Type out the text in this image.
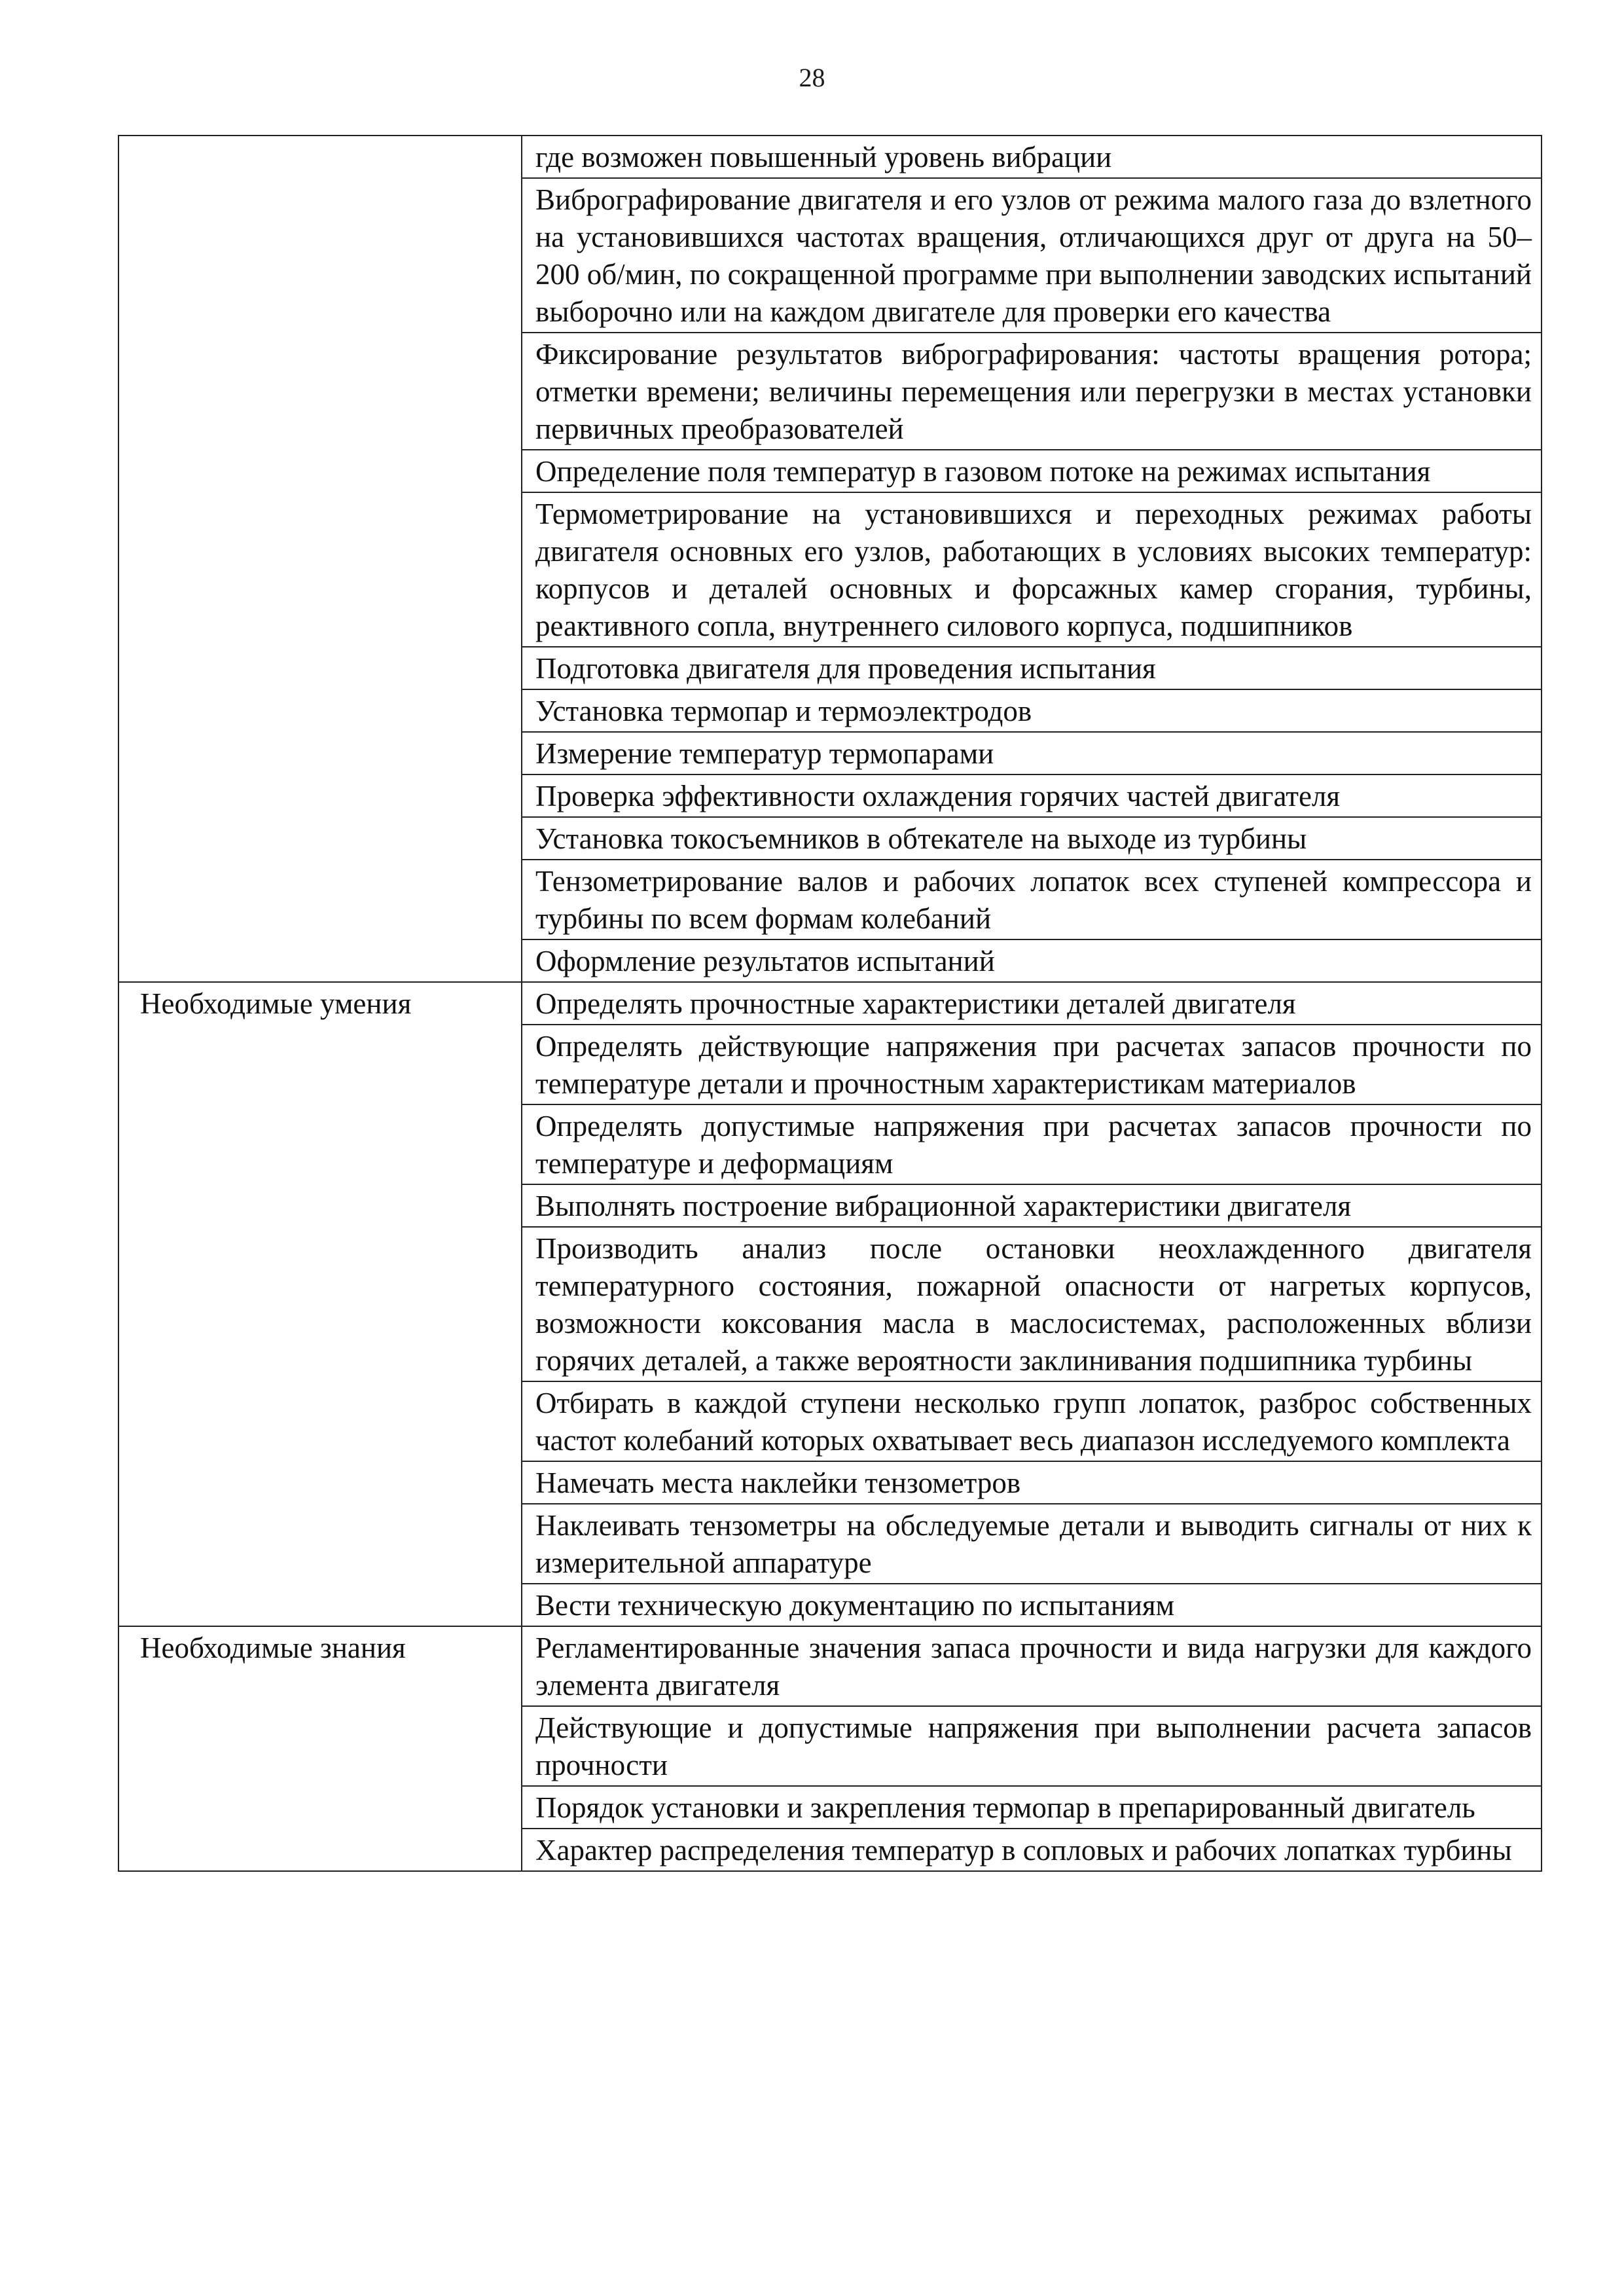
28
	где возможен повышенный уровень вибрации
	Вибрографирование двигателя и его узлов от режима малого газа до взлетного на установившихся частотах вращения, отличающихся друг от друга на 50–200 об/мин, по сокращенной программе при выполнении заводских испытаний выборочно или на каждом двигателе для проверки его качества
	Фиксирование результатов вибрографирования: частоты вращения ротора; отметки времени; величины перемещения или перегрузки в местах установки первичных преобразователей
	Определение поля температур в газовом потоке на режимах испытания
	Термометрирование на установившихся и переходных режимах работы двигателя основных его узлов, работающих в условиях высоких температур: корпусов и деталей основных и форсажных камер сгорания, турбины, реактивного сопла, внутреннего силового корпуса, подшипников
	Подготовка двигателя для проведения испытания
	Установка термопар и термоэлектродов
	Измерение температур термопарами
	Проверка эффективности охлаждения горячих частей двигателя
	Установка токосъемников в обтекателе на выходе из турбины
	Тензометрирование валов и рабочих лопаток всех ступеней компрессора и турбины по всем формам колебаний
	Оформление результатов испытаний

Необходимые умения	Определять прочностные характеристики деталей двигателя
	Определять действующие напряжения при расчетах запасов прочности по температуре детали и прочностным характеристикам материалов
	Определять допустимые напряжения при расчетах запасов прочности по температуре и деформациям
	Выполнять построение вибрационной характеристики двигателя
	Производить анализ после остановки неохлажденного двигателя температурного состояния, пожарной опасности от нагретых корпусов, возможности коксования масла в маслосистемах, расположенных вблизи горячих деталей, а также вероятности заклинивания подшипника турбины
	Отбирать в каждой ступени несколько групп лопаток, разброс собственных частот колебаний которых охватывает весь диапазон исследуемого комплекта
	Намечать места наклейки тензометров
	Наклеивать тензометры на обследуемые детали и выводить сигналы от них к измерительной аппаратуре
	Вести техническую документацию по испытаниям

Необходимые знания	Регламентированные значения запаса прочности и вида нагрузки для каждого элемента двигателя
	Действующие и допустимые напряжения при выполнении расчета запасов прочности
	Порядок установки и закрепления термопар в препарированный двигатель
	Характер распределения температур в сопловых и рабочих лопатках турбины
